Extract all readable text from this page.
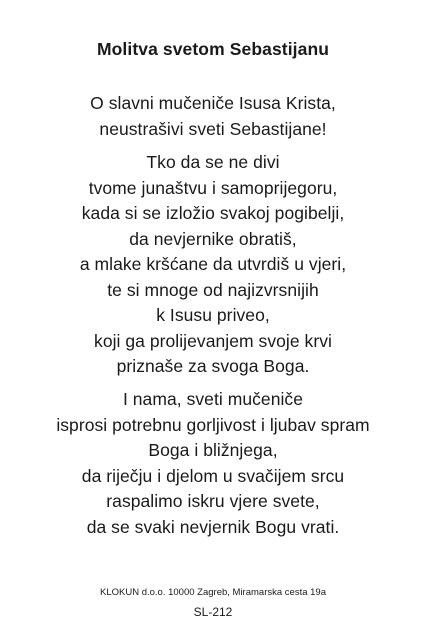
Molitva svetom Sebastijanu
O slavni mučeniče Isusa Krista,
neustrašivi sveti Sebastijane!
Tko da se ne divi
tvome junaštvu i samoprijegoru,
kada si se izložio svakoj pogibelji,
da nevjernike obratiš,
a mlake kršćane da utvrdiš u vjeri,
te si mnoge od najizvrsnijih
k Isusu priveo,
koji ga prolijevanjem svoje krvi
priznaše za svoga Boga.
I nama, sveti mučeniče
isprosi potrebnu gorljivost i ljubav spram
Boga i bližnjega,
da riječju i djelom u svačijem srcu
raspalimo iskru vjere svete,
da se svaki nevjernik Bogu vrati.
KLOKUN d.o.o. 10000 Zagreb, Miramarska cesta 19a
SL-212
